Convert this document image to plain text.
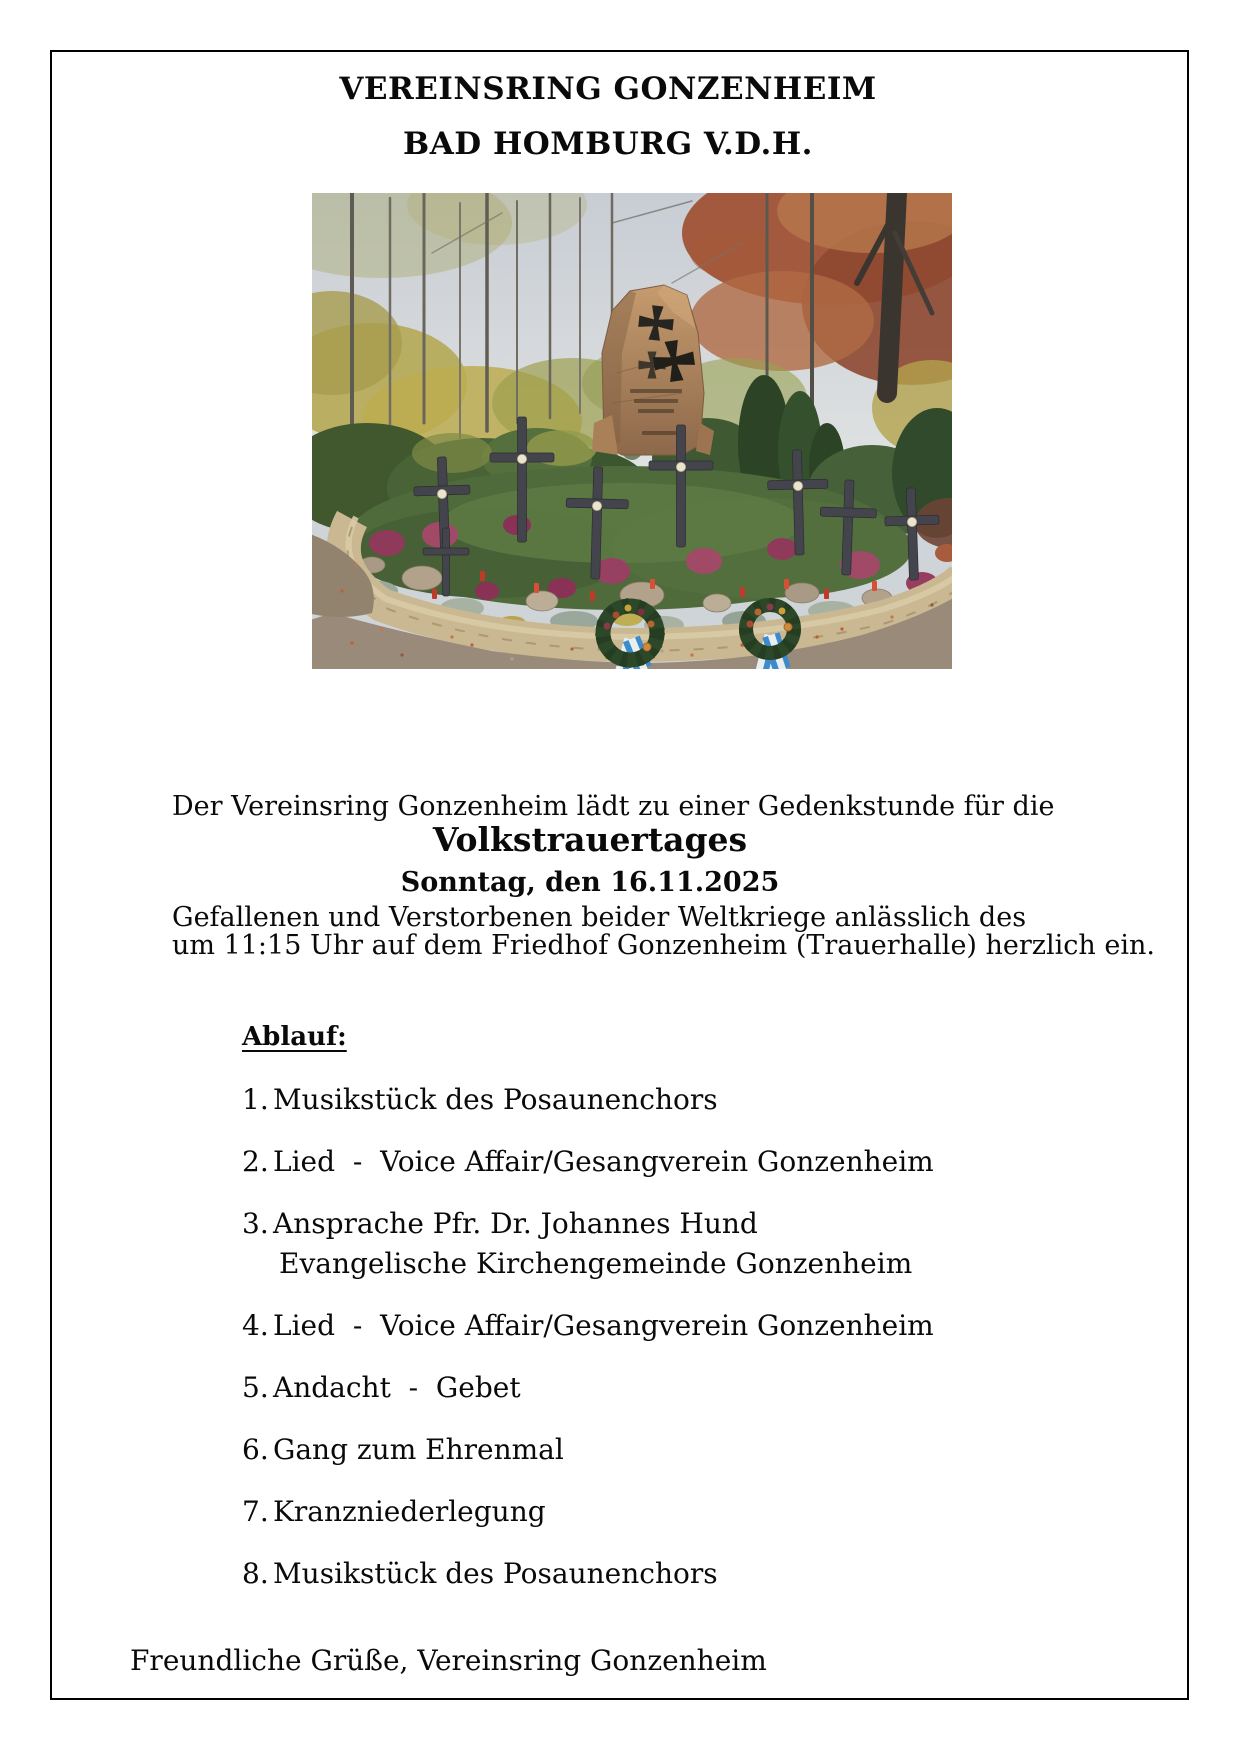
VEREINSRING GONZENHEIM
BAD HOMBURG V.D.H.

Der Vereinsring Gonzenheim lädt zu einer Gedenkstunde für die

Gefallenen und Verstorbenen beider Weltkriege anlässlich des

Volkstrauertages
Sonntag, den 16.11.2025
um 11:15 Uhr auf dem Friedhof Gonzenheim (Trauerhalle) herzlich ein.
Ablauf:
1. Musikstück des Posaunenchors
2. Lied  -  Voice Affair/Gesangverein Gonzenheim
3. Ansprache Pfr. Dr. Johannes Hund
Evangelische Kirchengemeinde Gonzenheim
4. Lied  -  Voice Affair/Gesangverein Gonzenheim
5. Andacht  -  Gebet
6. Gang zum Ehrenmal
7. Kranzniederlegung
8. Musikstück des Posaunenchors
Freundliche Grüße, Vereinsring Gonzenheim
